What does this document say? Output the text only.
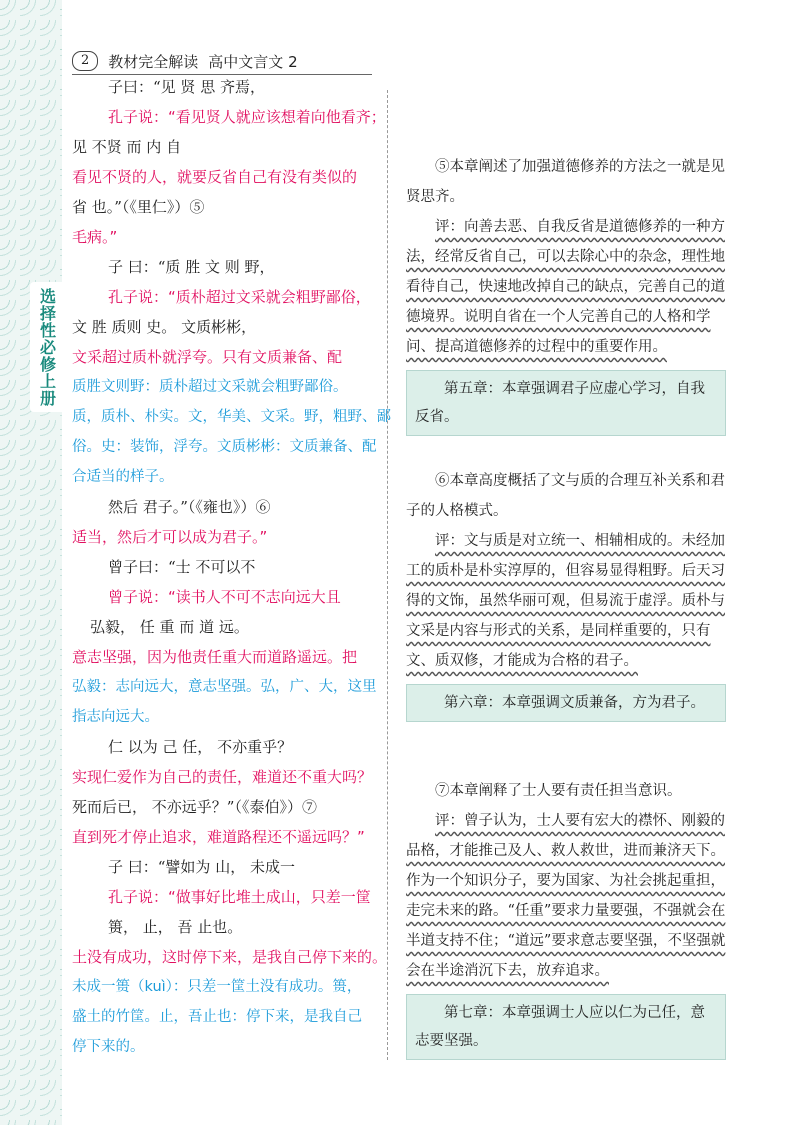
选择性必修上册
2	教材完全解读 高中文言文 2
子曰：“见 贤 思 齐焉，
孔子说：“看见贤人就应该想着向他看齐；
见 不贤 而 内 自
看见不贤的人，就要反省自己有没有类似的
省 也。”（《里仁》）⑤
毛病。”
子 曰：“质 胜 文 则 野，
孔子说：“质朴超过文采就会粗野鄙俗，
文 胜 质则 史。 文质彬彬，
文采超过质朴就浮夸。只有文质兼备、配
质胜文则野：质朴超过文采就会粗野鄙俗。
质，质朴、朴实。文，华美、文采。野，粗野、鄙
俗。史：装饰，浮夸。文质彬彬：文质兼备、配
合适当的样子。
然后 君子。”（《雍也》）⑥
适当，然后才可以成为君子。”
曾子曰：“士 不可以不
曾子说：“读书人不可不志向远大且
弘毅， 任 重 而 道 远。
意志坚强，因为他责任重大而道路遥远。把
弘毅：志向远大，意志坚强。弘，广、大，这里
指志向远大。
仁 以为 己 任， 不亦重乎？
实现仁爱作为自己的责任，难道还不重大吗？
死而后已， 不亦远乎？”（《泰伯》）⑦
直到死才停止追求，难道路程还不遥远吗？”
子 曰：“譬如为 山， 未成一
孔子说：“做事好比堆土成山，只差一筐
篑， 止， 吾 止也。
土没有成功，这时停下来，是我自己停下来的。
未成一篑（kuì）：只差一筐土没有成功。篑，
盛土的竹筐。止，吾止也：停下来，是我自己
停下来的。

⑤本章阐述了加强道德修养的方法之一就是见贤思齐。

评：向善去恶、自我反省是道德修养的一种方法，经常反省自己，可以去除心中的杂念，理性地看待自己，快速地改掉自己的缺点，完善自己的道德境界。说明自省在一个人完善自己的人格和学问、提高道德修养的过程中的重要作用。

第五章：本章强调君子应虚心学习，自我反省。

⑥本章高度概括了文与质的合理互补关系和君子的人格模式。

评：文与质是对立统一、相辅相成的。未经加工的质朴是朴实淳厚的，但容易显得粗野。后天习得的文饰，虽然华丽可观，但易流于虚浮。质朴与文采是内容与形式的关系，是同样重要的，只有文、质双修，才能成为合格的君子。

第六章：本章强调文质兼备，方为君子。

⑦本章阐释了士人要有责任担当意识。

评：曾子认为，士人要有宏大的襟怀、刚毅的品格，才能推己及人、救人救世，进而兼济天下。作为一个知识分子，要为国家、为社会挑起重担，走完未来的路。“任重”要求力量要强，不强就会在半道支持不住；“道远”要求意志要坚强，不坚强就会在半途消沉下去，放弃追求。

第七章：本章强调士人应以仁为己任，意志要坚强。
